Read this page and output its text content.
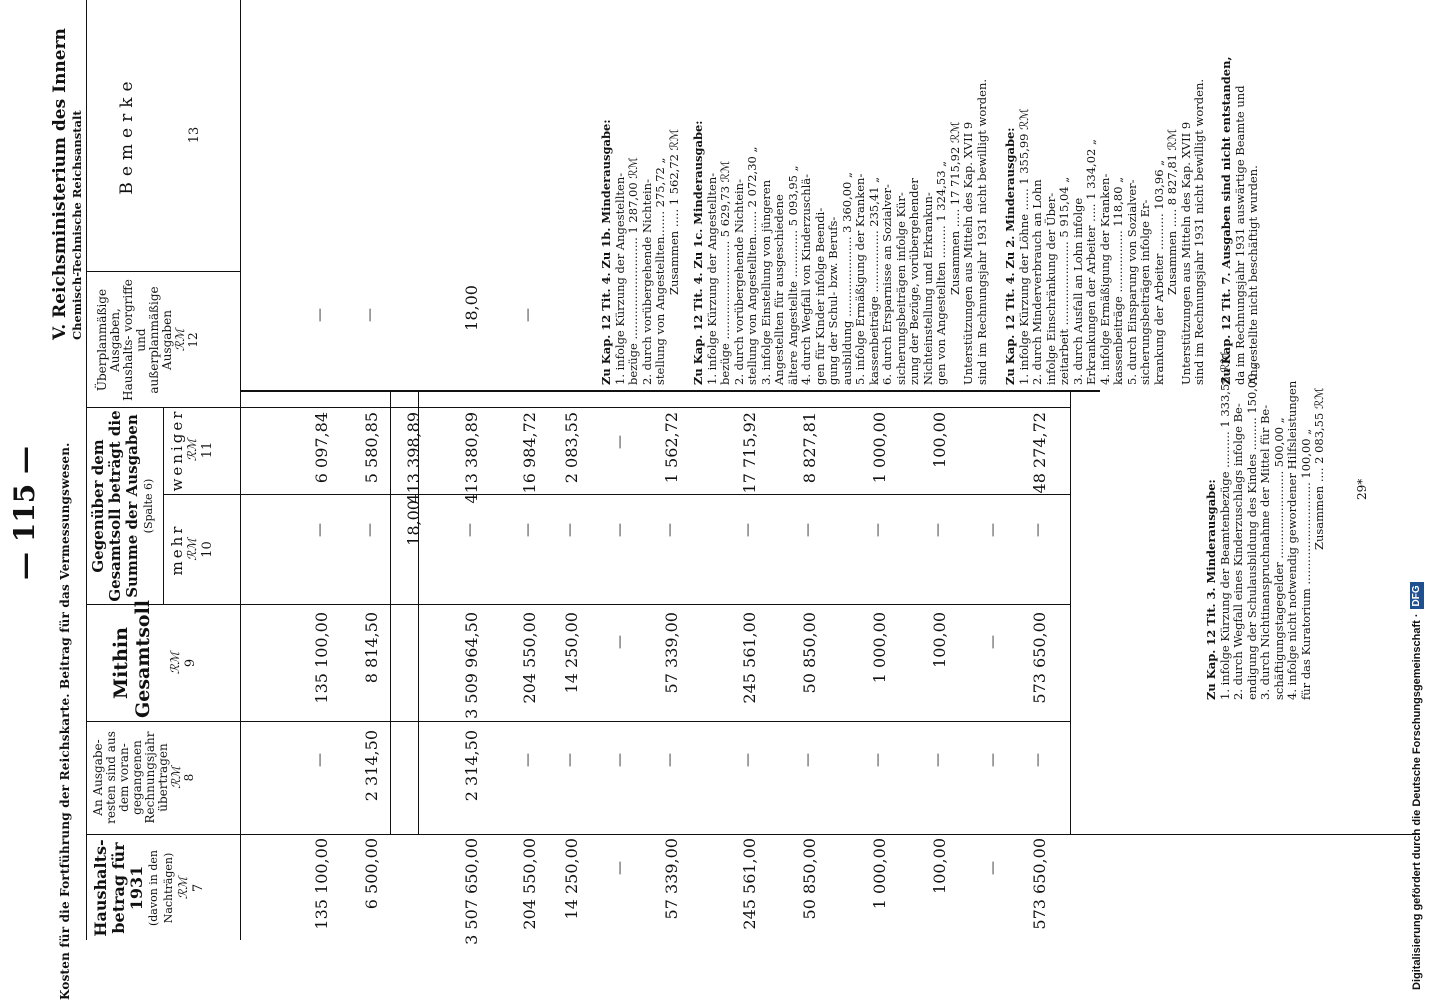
— 115 — Kosten für die Fortführung der Reichskarte. Beitrag für das Vermessungswesen.
V. Reichsministerium des Innern Chemisch-Technische Reichsanstalt
Haushalts- betrag für 1931 (davon in den Nachträgen) ℛℳ 7
An Ausgabe- resten sind aus dem voran- gegangenen Rechnungsjahr übertragen ℛℳ 8
Mithin Gesamtsoll ℛℳ 9
Gegenüber dem Gesamtsoll beträgt die Summe der Ausgaben (Spalte 6)
mehr ℛℳ 10
weniger ℛℳ 11
Überplanmäßige Ausgaben, Haushalts- vorgriffe und außerplanmäßige Ausgaben ℛℳ 12
Bemerke	13
135 100,00
—
135 100,00
—
6 097,84
—
6 500,00
2 314,50
8 814,50
—
5 580,85
—
18,00
413 398,89
3 507 650,00
2 314,50
3 509 964,50
—
413 380,89
18,00
204 550,00
—
204 550,00
—
16 984,72
—
14 250,00
—
14 250,00
—
2 083,55
—
—
—
—
—
57 339,00
—
57 339,00
—
1 562,72
245 561,00
—
245 561,00
—
17 715,92
50 850,00
—
50 850,00
—
8 827,81
1 000,00
—
1 000,00
—
1 000,00
100,00
—
100,00
—
100,00
—
—
—
—
573 650,00
—
573 650,00
—
48 274,72
Zu Kap. 12 Tit. 4. Zu 1b. Minderausgabe: 1. infolge Kürzung der Angestellten- bezüge ............................ 1 287,00 ℛℳ 2. durch vorübergehende Nichtein- stellung von Angestellten....... 275,72 „ Zusammen ..... 1 562,72 ℛℳ Zu Kap. 12 Tit. 4. Zu 1c. Minderausgabe: 1. infolge Kürzung der Angestellten- bezüge ........................... 5 629,73 ℛℳ 2. durch vorübergehende Nichtein- stellung von Angestellten....... 2 072,30 „ 3. infolge Einstellung von jüngeren Angestellten für ausgeschiedene ältere Angestellte ............. 5 093,95 „ 4. durch Wegfall von Kinderzuschlä- gen für Kinder infolge Beendi- gung der Schul- bzw. Berufs- ausbildung ...................... 3 360,00 „ 5. infolge Ermäßigung der Kranken- kassenbeiträge ................. 235,41 „ 6. durch Ersparnisse an Sozialver- sicherungsbeiträgen infolge Kür- zung der Bezüge, vorübergehender Nichteinstellung und Erkrankun- gen von Angestellten ......... 1 324,53 „ Zusammen ..... 17 715,92 ℛℳ Unterstützungen aus Mitteln des Kap. XVII 9 sind im Rechnungsjahr 1931 nicht bewilligt worden. Zu Kap. 12 Tit. 4. Zu 2. Minderausgabe: 1. infolge Kürzung der Löhne ...... 1 355,99 ℛℳ 2. durch Minderverbrauch an Lohn infolge Einschränkung der Über- zeitarbeit ....................... 5 915,04 „ 3. durch Ausfall an Lohn infolge Erkrankungen der Arbeiter ..... 1 334,02 „ 4. infolge Ermäßigung der Kranken- kassenbeiträge ................. 118,80 „ 5. durch Einsparung von Sozialver- sicherungsbeiträgen infolge Er- krankung der Arbeiter .......... 103,96 „ Zusammen ..... 8 827,81 ℛℳ Unterstützungen aus Mitteln des Kap. XVII 9 sind im Rechnungsjahr 1931 nicht bewilligt worden. Zu Kap. 12 Tit. 7. Ausgaben sind nicht entstanden, da im Rechnungsjahr 1931 auswärtige Beamte und Angestellte nicht beschäftigt wurden.
Zu Kap. 12 Tit. 3. Minderausgabe: 1. infolge Kürzung der Beamtenbezüge .......... 1 333,55 ℛℳ 2. durch Wegfall eines Kinderzuschlags infolge Be- endigung der Schulausbildung des Kindes ......... 150,00 „ 3. durch Nichtinanspruchnahme der Mittel für Be- schäftigungstagegelder ........................ 500,00 „ 4. infolge nicht notwendig gewordener Hilfsleistungen für das Kuratorium ............................ 100,00 „ Zusammen .... 2 083,55 ℛℳ 29*
Digitalisierung gefördert durch die Deutsche Forschungsgemeinschaft ·DFG
